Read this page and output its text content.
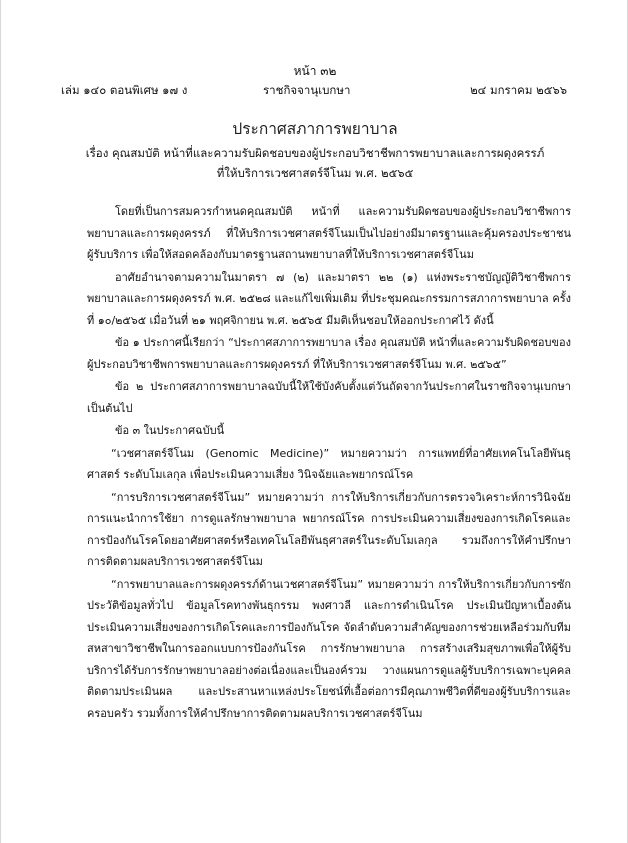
หน้า ๓๒
เล่ม ๑๔๐ ตอนพิเศษ ๑๗ ง	ราชกิจจานุเบกษา	๒๔ มกราคม ๒๕๖๖
ประกาศสภาการพยาบาล
เรื่อง คุณสมบัติ หน้าที่และความรับผิดชอบของผู้ประกอบวิชาชีพการพยาบาลและการผดุงครรภ์
ที่ให้บริการเวชศาสตร์จีโนม พ.ศ. ๒๕๖๕

โดยที่เป็นการสมควรกำหนดคุณสมบัติ หน้าที่ และความรับผิดชอบของผู้ประกอบวิชาชีพการพยาบาลและการผดุงครรภ์ ที่ให้บริการเวชศาสตร์จีโนมเป็นไปอย่างมีมาตรฐานและคุ้มครองประชาชนผู้รับบริการ เพื่อให้สอดคล้องกับมาตรฐานสถานพยาบาลที่ให้บริการเวชศาสตร์จีโนม

อาศัยอำนาจตามความในมาตรา ๗ (๒) และมาตรา ๒๒ (๑) แห่งพระราชบัญญัติวิชาชีพการพยาบาลและการผดุงครรภ์ พ.ศ. ๒๕๒๘ และแก้ไขเพิ่มเติม ที่ประชุมคณะกรรมการสภาการพยาบาล ครั้งที่ ๑๐/๒๕๖๕ เมื่อวันที่ ๒๑ พฤศจิกายน พ.ศ. ๒๕๖๕ มีมติเห็นชอบให้ออกประกาศไว้ ดังนี้

ข้อ ๑ ประกาศนี้เรียกว่า “ประกาศสภาการพยาบาล เรื่อง คุณสมบัติ หน้าที่และความรับผิดชอบของผู้ประกอบวิชาชีพการพยาบาลและการผดุงครรภ์ ที่ให้บริการเวชศาสตร์จีโนม พ.ศ. ๒๕๖๕”

ข้อ ๒ ประกาศสภาการพยาบาลฉบับนี้ให้ใช้บังคับตั้งแต่วันถัดจากวันประกาศในราชกิจจานุเบกษาเป็นต้นไป

ข้อ ๓ ในประกาศฉบับนี้

“เวชศาสตร์จีโนม (Genomic Medicine)” หมายความว่า การแพทย์ที่อาศัยเทคโนโลยีพันธุศาสตร์ ระดับโมเลกุล เพื่อประเมินความเสี่ยง วินิจฉัยและพยากรณ์โรค

“การบริการเวชศาสตร์จีโนม” หมายความว่า การให้บริการเกี่ยวกับการตรวจวิเคราะห์การวินิจฉัย การแนะนำการใช้ยา การดูแลรักษาพยาบาล พยากรณ์โรค การประเมินความเสี่ยงของการเกิดโรคและการป้องกันโรคโดยอาศัยศาสตร์หรือเทคโนโลยีพันธุศาสตร์ในระดับโมเลกุล รวมถึงการให้คำปรึกษา การติดตามผลบริการเวชศาสตร์จีโนม

“การพยาบาลและการผดุงครรภ์ด้านเวชศาสตร์จีโนม” หมายความว่า การให้บริการเกี่ยวกับการซักประวัติข้อมูลทั่วไป ข้อมูลโรคทางพันธุกรรม พงศาวลี และการดำเนินโรค ประเมินปัญหาเบื้องต้น ประเมินความเสี่ยงของการเกิดโรคและการป้องกันโรค จัดลำดับความสำคัญของการช่วยเหลือร่วมกับทีมสหสาขาวิชาชีพในการออกแบบการป้องกันโรค การรักษาพยาบาล การสร้างเสริมสุขภาพเพื่อให้ผู้รับบริการได้รับการรักษาพยาบาลอย่างต่อเนื่องและเป็นองค์รวม วางแผนการดูแลผู้รับบริการเฉพาะบุคคล ติดตามประเมินผล และประสานหาแหล่งประโยชน์ที่เอื้อต่อการมีคุณภาพชีวิตที่ดีของผู้รับบริการและครอบครัว รวมทั้งการให้คำปรึกษาการติดตามผลบริการเวชศาสตร์จีโนม
